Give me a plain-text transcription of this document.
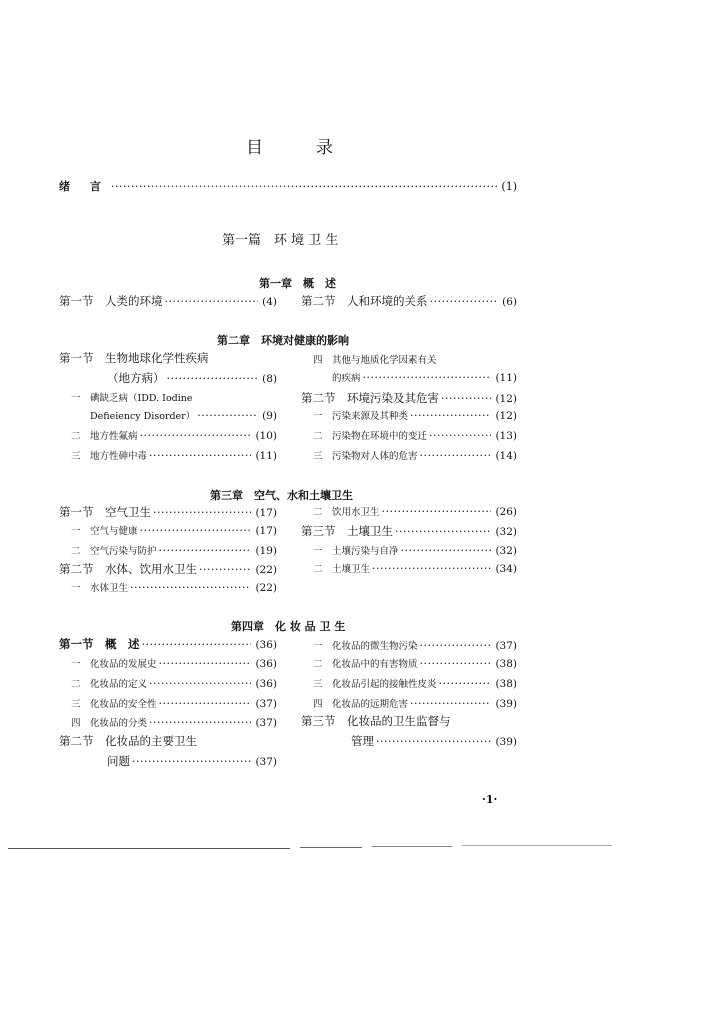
目	录
绪 言 ·····	(1)
第一篇　环 境 卫 生
第一章　概　述
第一节　人类的环境 ·····	(4) 第二节　人和环境的关系 ·····	(6)
第二章　环境对健康的影响
第一节　生物地球化学性疾病
（地方病） ·····	(8)
一　碘缺乏病（IDD. Iodine
Defieiency Disorder） ·····	(9)
二　地方性氟病 ·····	(10)
三　地方性砷中毒 ·····	(11)
四　其他与地质化学因素有关
的疾病 ·····	(11)
第二节　环境污染及其危害 ·····	(12)
一　污染来源及其种类 ·····	(12)
二　污染物在环境中的变迁 ·····	(13)
三　污染物对人体的危害 ·····	(14)
第三章　空气、水和土壤卫生
第一节　空气卫生 ·····	(17)
一　空气与健康 ·····	(17)
二　空气污染与防护 ·····	(19)
第二节　水体、饮用水卫生 ·····	(22)
一　水体卫生 ·····	(22)
二　饮用水卫生 ·····	(26)
第三节　土壤卫生 ·····	(32)
一　土壤污染与自净 ·····	(32)
二　土壤卫生 ·····	(34)
第四章　化 妆 品 卫 生
第一节　概　述 ·····	(36)
一　化妆品的发展史 ·····	(36)
二　化妆品的定义 ·····	(36)
三　化妆品的安全性 ·····	(37)
四　化妆品的分类 ·····	(37)
第二节　化妆品的主要卫生
问题 ·····	(37)
一　化妆品的微生物污染 ·····	(37)
二　化妆品中的有害物质 ·····	(38)
三　化妆品引起的接触性皮炎 ·····	(38)
四　化妆品的远期危害 ·····	(39)
第三节　化妆品的卫生监督与
管理 ·····	(39)
·1·
